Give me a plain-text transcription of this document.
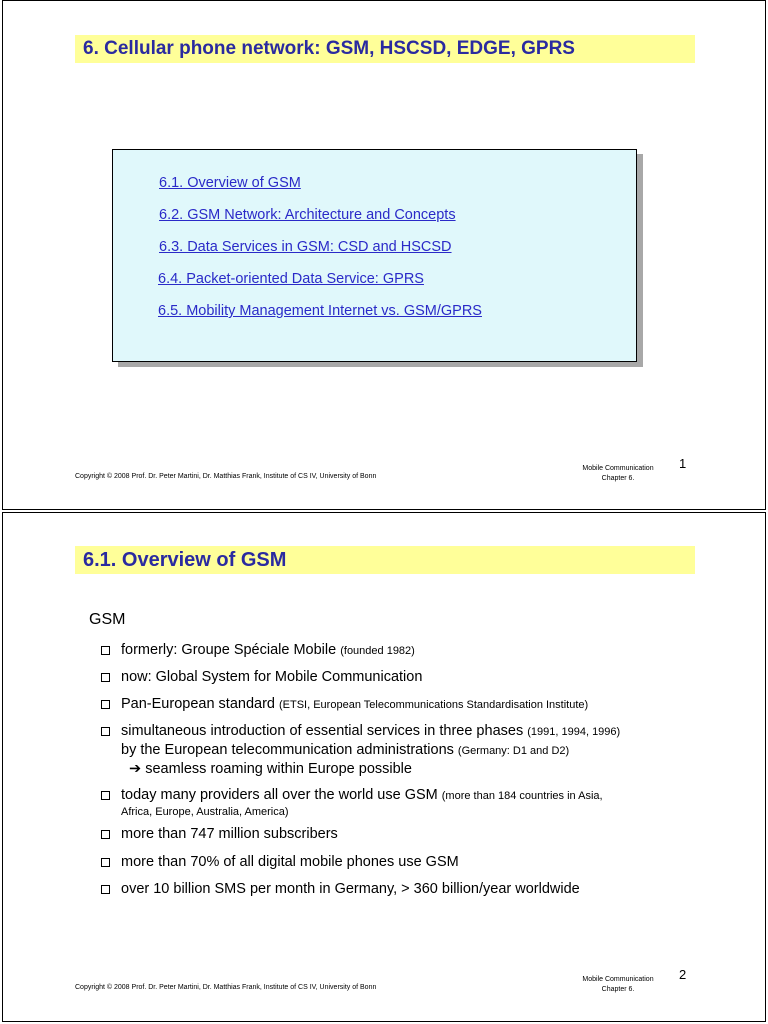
6. Cellular phone network: GSM, HSCSD, EDGE, GPRS
6.1. Overview of GSM
6.2. GSM Network: Architecture and Concepts
6.3. Data Services in GSM: CSD and HSCSD
6.4. Packet-oriented Data Service: GPRS
6.5. Mobility Management Internet vs. GSM/GPRS
Copyright © 2008 Prof. Dr. Peter Martini, Dr. Matthias Frank, Institute of CS IV, University of Bonn
Mobile Communication
Chapter 6.
1
6.1. Overview of GSM
GSM
formerly: Groupe Spéciale Mobile (founded 1982)
now: Global System for Mobile Communication
Pan-European standard (ETSI, European Telecommunications Standardisation Institute)
simultaneous introduction of essential services in three phases (1991, 1994, 1996)
by the European telecommunication administrations (Germany: D1 and D2)
➔ seamless roaming within Europe possible
today many providers all over the world use GSM (more than 184 countries in Asia,
Africa, Europe, Australia, America)
more than 747 million subscribers
more than 70% of all digital mobile phones use GSM
over 10 billion SMS per month in Germany, > 360 billion/year worldwide
Copyright © 2008 Prof. Dr. Peter Martini, Dr. Matthias Frank, Institute of CS IV, University of Bonn
Mobile Communication
Chapter 6.
2
